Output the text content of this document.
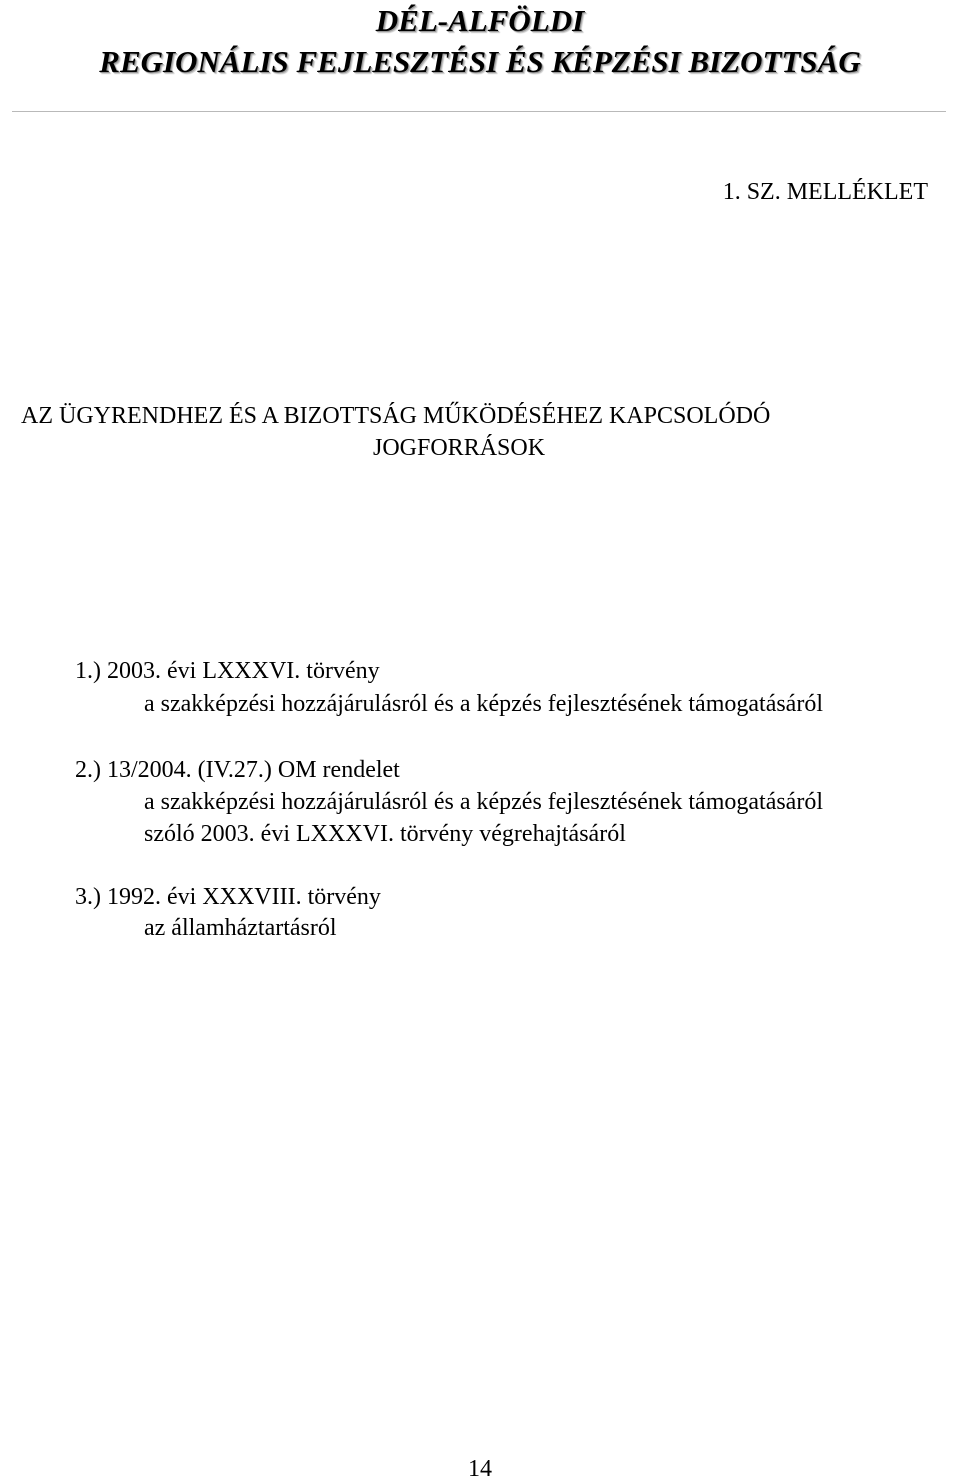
DÉL-ALFÖLDI
REGIONÁLIS FEJLESZTÉSI ÉS KÉPZÉSI BIZOTTSÁG

1. SZ. MELLÉKLET

AZ ÜGYRENDHEZ ÉS A BIZOTTSÁG MŰKÖDÉSÉHEZ KAPCSOLÓDÓ

JOGFORRÁSOK

1.) 2003. évi LXXXVI. törvény

a szakképzési hozzájárulásról és a képzés fejlesztésének támogatásáról

2.) 13/2004. (IV.27.) OM rendelet

a szakképzési hozzájárulásról és a képzés fejlesztésének támogatásáról

szóló 2003. évi LXXXVI. törvény végrehajtásáról

3.) 1992. évi XXXVIII. törvény

az államháztartásról

14
